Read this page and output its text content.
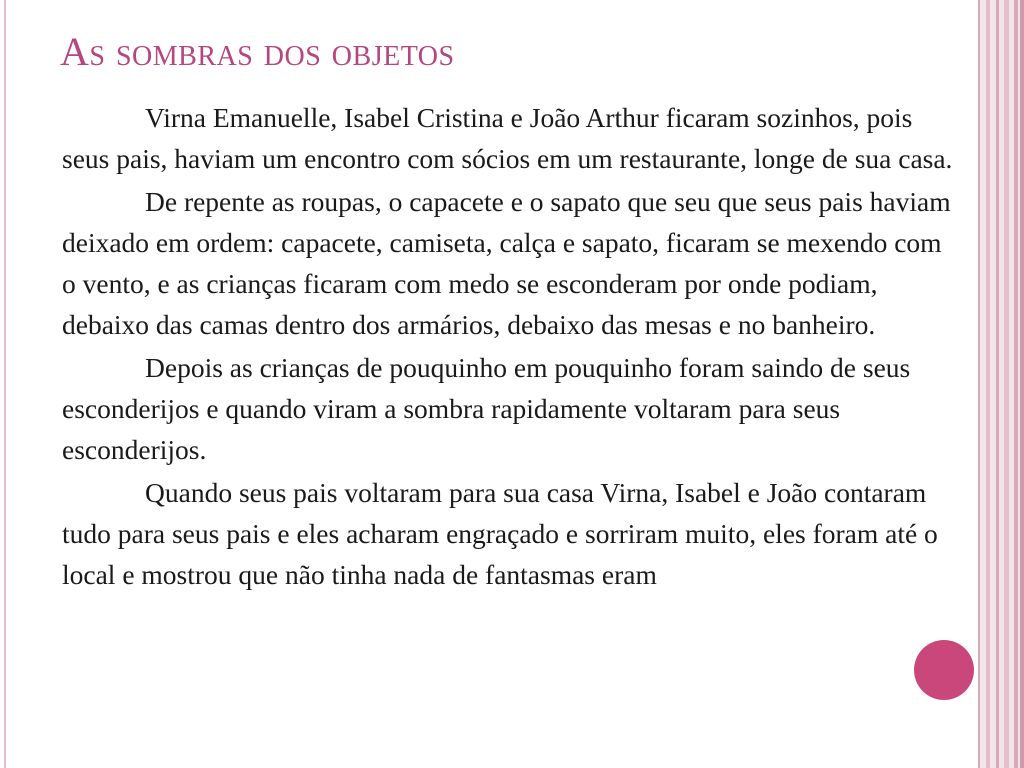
As sombras dos objetos

Virna Emanuelle, Isabel Cristina e João Arthur ficaram sozinhos, pois seus pais, haviam um encontro com sócios em um restaurante, longe de sua casa.

De repente as roupas, o capacete e o sapato que seu que seus pais haviam deixado em ordem: capacete, camiseta, calça e sapato, ficaram se mexendo com o vento, e as crianças ficaram com medo se esconderam por onde podiam, debaixo das camas dentro dos armários, debaixo das mesas e no banheiro.

Depois as crianças de pouquinho em pouquinho foram saindo de seus esconderijos e quando viram a sombra rapidamente voltaram para seus esconderijos.

Quando seus pais voltaram para sua casa Virna, Isabel e João contaram tudo para seus pais e eles acharam engraçado e sorriram muito, eles foram até o local e mostrou que não tinha nada de fantasmas eram
